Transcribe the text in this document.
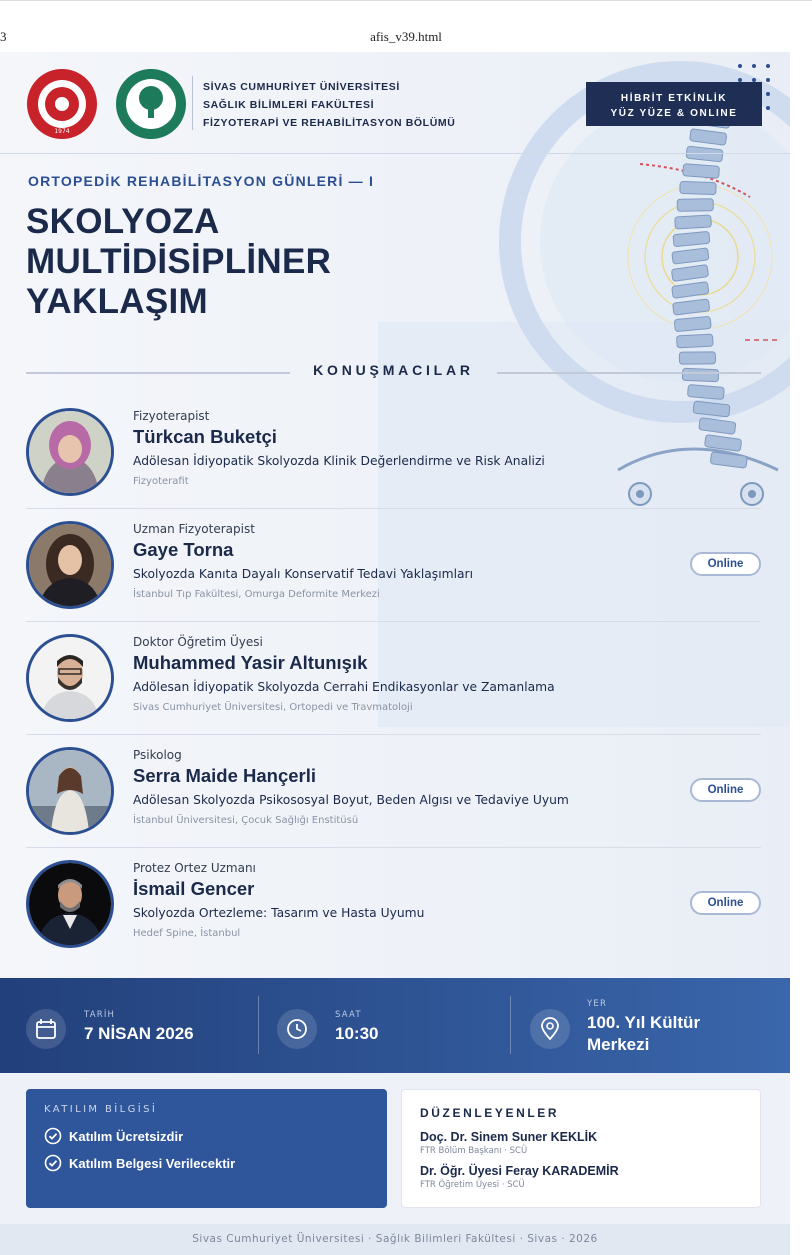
3	afis_v39.html
1974
SİVAS CUMHURİYET ÜNİVERSİTESİ
SAĞLIK BİLİMLERİ FAKÜLTESİ
FİZYOTERAPİ VE REHABİLİTASYON BÖLÜMÜ
HİBRİT ETKİNLİK
YÜZ YÜZE & ONLINE
ORTOPEDİK REHABİLİTASYON GÜNLERİ — I
SKOLYOZA
MULTİDİSİPLİNER
YAKLAŞIM
KONUŞMACILAR
Fizyoterapist
Türkcan Buketçi
Adölesan İdiyopatik Skolyozda Klinik Değerlendirme ve Risk Analizi
Fizyoterafit
Uzman Fizyoterapist
Gaye Torna
Skolyozda Kanıta Dayalı Konservatif Tedavi Yaklaşımları
İstanbul Tıp Fakültesi, Omurga Deformite Merkezi
Online
Doktor Öğretim Üyesi
Muhammed Yasir Altunışık
Adölesan İdiyopatik Skolyozda Cerrahi Endikasyonlar ve Zamanlama
Sivas Cumhuriyet Üniversitesi, Ortopedi ve Travmatoloji
Psikolog
Serra Maide Hançerli
Adölesan Skolyozda Psikososyal Boyut, Beden Algısı ve Tedaviye Uyum
İstanbul Üniversitesi, Çocuk Sağlığı Enstitüsü
Online
Protez Ortez Uzmanı
İsmail Gencer
Skolyozda Ortezleme: Tasarım ve Hasta Uyumu
Hedef Spine, İstanbul
Online
TARİH
7 NİSAN 2026
SAAT
10:30
YER
100. Yıl Kültür
Merkezi
KATILIM BİLGİSİ
Katılım Ücretsizdir
Katılım Belgesi Verilecektir
DÜZENLEYENLER
Doç. Dr. Sinem Suner KEKLİK
FTR Bölüm Başkanı · SCÜ
Dr. Öğr. Üyesi Feray KARADEMİR
FTR Öğretim Üyesi · SCÜ
Sivas Cumhuriyet Üniversitesi · Sağlık Bilimleri Fakültesi · Sivas · 2026
